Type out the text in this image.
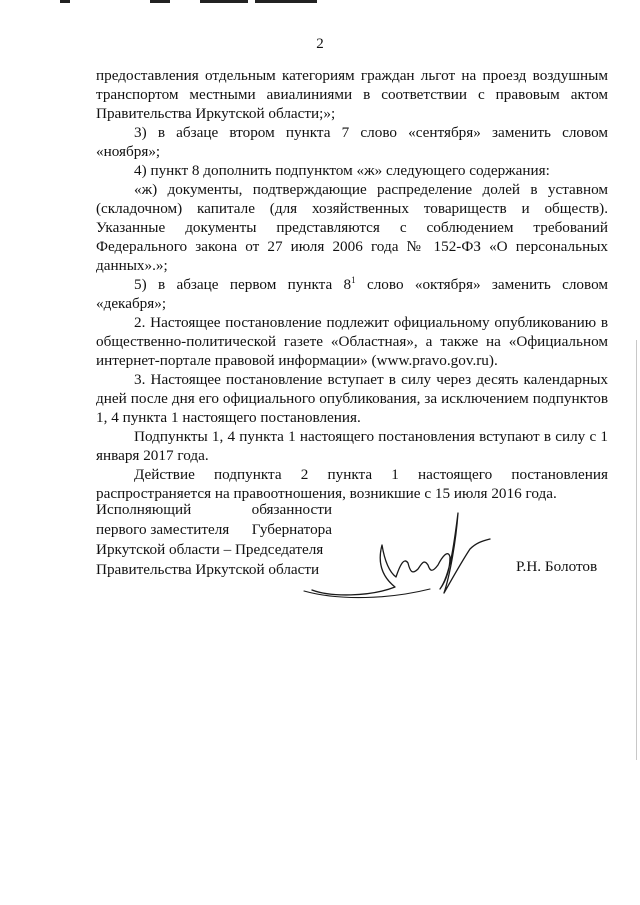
2

предоставления отдельным категориям граждан льгот на проезд воздушным транспортом местными авиалиниями в соответствии с правовым актом Правительства Иркутской области;»;

3) в абзаце втором пункта 7 слово «сентября» заменить словом «ноября»;

4) пункт 8 дополнить подпунктом «ж» следующего содержания:

«ж) документы, подтверждающие распределение долей в уставном (складочном) капитале (для хозяйственных товариществ и обществ). Указанные документы представляются с соблюдением требований Федерального закона от 27 июля 2006 года № 152-ФЗ «О персональных данных».»;

5) в абзаце первом пункта $8^1$ слово «октября» заменить словом «декабря»;

2. Настоящее постановление подлежит официальному опубликованию в общественно-политической газете «Областная», а также на «Официальном интернет-портале правовой информации» (www.pravo.gov.ru).

3. Настоящее постановление вступает в силу через десять календарных дней после дня его официального опубликования, за исключением подпунктов 1, 4 пункта 1 настоящего постановления.

Подпункты 1, 4 пункта 1 настоящего постановления вступают в силу с 1 января 2017 года.

Действие подпункта 2 пункта 1 настоящего постановления распространяется на правоотношения, возникшие с 15 июля 2016 года.

Исполняющий	обязанности
первого заместителя Губернатора
Иркутской области – Председателя
Правительства Иркутской области	Р.Н. Болотов
